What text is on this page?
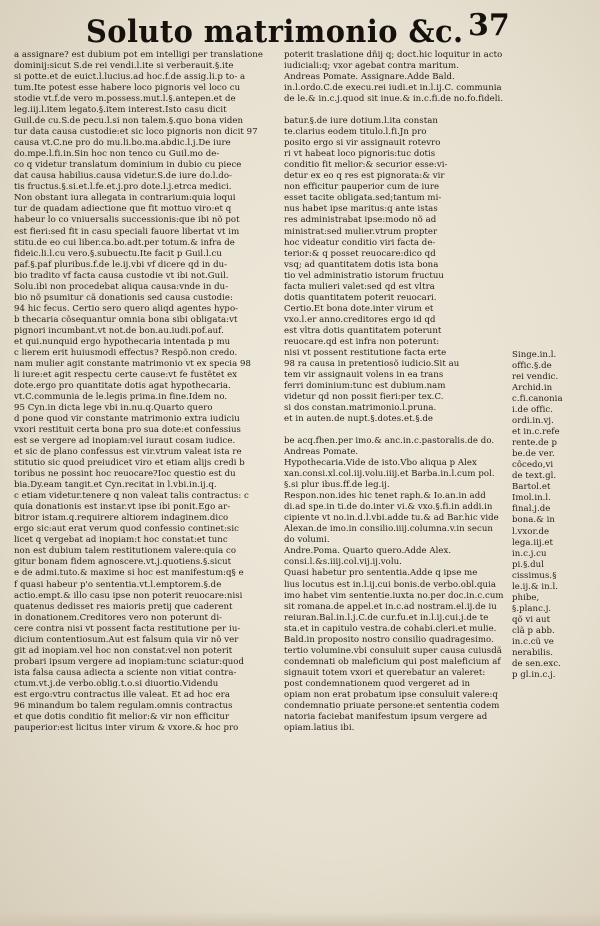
Soluto matrimonio &c. 37
a assignare? est dubium pot em intelligi per translatione
dominij:sicut S.de rei vendi.l.ite si verberauit.§.ite
si potte.et de euict.l.lucius.ad hoc.f.de assig.li.p to- a
tum.Ite potest esse habere loco pignoris vel loco cu
stodie vt.f.de vero m.possess.mut.l.§.antepen.et de
leg.iij.l.item legato.§.item interest.Isto casu dicit
Guil.de cu.S.de pecu.l.si non talem.§.quo bona viden
tur data causa custodie:et sic loco pignoris non dicit 97
causa vt.C.ne pro do mu.li.bo.ma.abdic.l.j.De iure
do.mpe.l.fi.in.Sin hoc non tenco cu Guil.mo de-
co q videtur translatum dominium in dubio cu piece
dat causa habilius.causa videtur.S.de iure do.l.do-
tis fructus.§.si.et.l.fe.et.j.pro dote.l.j.etrca medici.
Non obstant iura allegata in contrarium:quia loqui
tur de quadam adiectione que fit mottuo viro:et q
habeur lo co vniuersalis successionis:que ibi nõ pot
est fieri:sed fit in casu speciali fauore libertat vt im
stitu.de eo cui liber.ca.bo.adt.per totum.& infra de
fideic.li.l.cu vero.§.subuectu.Ite facit p Guil.l.cu
paf.§.paf pluribus.f.de le.ij.vbi vf dicere qd in du-
bio tradito vf facta causa custodie vt ibi not.Guil.
Solu.ibi non procedebat aliqua causa:vnde in du-
bio nõ psumitur cã donationis sed causa custodie:
94 hic fecus. Certio sero quero aliqd agentes hypo-
b thecaria cõsequantur omnia bona sibi obligata:vt
pignori incumbant.vt not.de bon.au.iudi.pof.auf.
et qui.nunquid ergo hypothecaria intentada p mu
c lierem erit huiusmodi effectus? Respõ.non credo.
nam mulier agit constante matrimonio vt ex specia 98
li iure:et agit respectu certe cause:vt fe fustẽtet ex
dote.ergo pro quantitate dotis agat hypothecaria.
vt.C.communia de le.legis prima.in fine.Idem no.
95 Cyn.in dicta lege vbi in.nu.q.Quarto quero
d pone quod vir constante matrimonio extra iudiciu
vxori restituit certa bona pro sua dote:et confessius
est se vergere ad inopiam:vel iuraut cosam iudice.
et sic de plano confessus est vir.vtrum valeat ista re
stitutio sic quod preiudicet viro et etiam alijs credi b
toribus ne possint hoc reuocare?Ioc questio est du
bia.Dy.eam tangit.et Cyn.recitat in l.vbi.in.ij.q.
c etiam videtur.tenere q non valeat talis contractus: c
quia donationis est instar.vt ipse ibi ponit.Ego ar-
bitror istam.q.requirere altiorem indaginem.dico
ergo sic:aut erat verum quod confessio continet:sic
licet q vergebat ad inopiam:t hoc constat:et tunc
non est dubium talem restitutionem valere:quia co
gitur bonam fidem agnoscere.vt.j.quotiens.§.sicut
e de admi.tuto.& maxime si hoc est manifestum:q§ e
f quasi habeur p'o sententia.vt.l.emptorem.§.de
actio.empt.& illo casu ipse non poterit reuocare:nisi
quatenus dedisset res maioris pretij que caderent
in donationem.Creditores vero non poterunt di-
cere contra nisi vt possent facta restitutione per iu-
dicium contentiosum.Aut est falsum quia vir nõ ver
git ad inopiam.vel hoc non constat:vel non poterit
probari ipsum vergere ad inopiam:tunc sciatur:quod
ista falsa causa adiecta a sciente non vitiat contra-
ctum.vt.j.de verbo.oblig.t.o.si diuortio.Videndu
est ergo:vtru contractus ille valeat. Et ad hoc era
96 minandum bo talem regulam.omnis contractus
et que dotis conditio fit melior:& vir non efficitur
pauperior:est licitus inter virum & vxore.& hoc pro
poterit traslatione dñij q; doct.hic loquitur in acto
iudiciali:q; vxor agebat contra maritum.
Andreas Pomate. Assignare.Adde Bald.
in.l.ordo.C.de execu.rei iudi.et in.l.ij.C. communia
de le.& in.c.j.quod sit inue.& in.c.fi.de no.fo.fideli.
batur.§.de iure dotium.l.ita constan
te.clarius eodem titulo.l.fi.Jn pro
posito ergo si vir assignauit rotevro
ri vt habeat loco pignoris:tuc dotis
conditio fit melior:& securior esse:vi-
detur ex eo q res est pignorata:& vir
non efficitur pauperior cum de iure
esset tacite obligata.sed;tantum mi-
nus habet ipse maritus:q ante istas
res administrabat ipse:modo nõ ad
ministrat:sed mulier.vtrum propter
hoc videatur conditio viri facta de-
terior:& q posset reuocare:dico qd
vsq; ad quantitatem dotis ista bona
tio vel administratio istorum fructuu
facta mulieri valet:sed qd est vltra
dotis quantitatem poterit reuocari.
Certio.Et bona dote.inter virum et
vxo.l.er anno.creditores ergo id qd
est vltra dotis quantitatem poterunt
reuocare.qd est infra non poterunt:
nisi vt possent restitutione facta erte
98 ra causa in pretentiosõ iudicio.Sit au
tem vir assignauit volens in ea trans
ferri dominium:tunc est dubium.nam
videtur qd non possit fieri:per tex.C.
si dos constan.matrimonio.l.pruna.
et in auten.de nupt.§.dotes.et.§.de
be acq.fhen.per imo.& anc.in.c.pastoralis.de do.
Andreas Pomate.
Hypothecaria.Vide de isto.Vbo aliqua p Alex
xan.consi.xl.col.iij.volu.iiij.et Barba.in.l.cum pol.
§.si plur ibus.ff.de leg.ij.
Respon.non.ides hic tenet raph.& Io.an.in add
di.ad spe.in ti.de do.inter vi.& vxo.§.fi.in addi.in
cipiente vt no.in.d.l.vbi.adde tu.& ad Bar.hic vide
Alexan.de imo.in consilio.iiij.columna.v.in secun
do volumi.
Andre.Poma. Quarto quero.Adde Alex.
consi.l.&s.iiij.col.vij.ij.volu.
Quasi habetur pro sententia.Adde q ipse me
lius locutus est in.l.ij.cui bonis.de verbo.obl.quia
imo habet vim sententie.iuxta no.per doc.in.c.cum
sit romana.de appel.et in.c.ad nostram.el.ij.de iu
reiuran.Bal.in.l.j.C.de cur.fu.et in.l.ij.cui.j.de te
sta.et in capitulo vestra.de cohabi.cleri.et mulie.
Bald.in proposito nostro consilio quadragesimo.
tertio volumine.vbi consuluit super causa cuiusdã
condemnati ob maleficium qui post maleficium af
signauit totem vxori et querebatur an valeret:
post condemnationem quod vergeret ad in
opiam non erat probatum ipse consuluit valere:q
condemnatio priuate persone:et sententia codem
natoria faciebat manifestum ipsum vergere ad
opiam.latius ibi.
Singe.in.l.
offic.§.de
rei vendic.
Archid.in
c.fi.canonia
i.de offic.
ordi.in.vj.
et in.c.refe
rente.de p
be.de ver.
côcedo,vi
de text.gl.
Bartol.et
Imol.in.l.
final.j.de
bona.& in
l.vxor.de
lega.iij.et
in.c.j.cu
pi.§.dul
cissimus.§
le.ij.& in.l.
phibe,
§.planc.j.
qõ vi aut
clã p abb.
in.c.cũ ve
nerabilis.
de sen.exc.
p gl.in.c.j.
